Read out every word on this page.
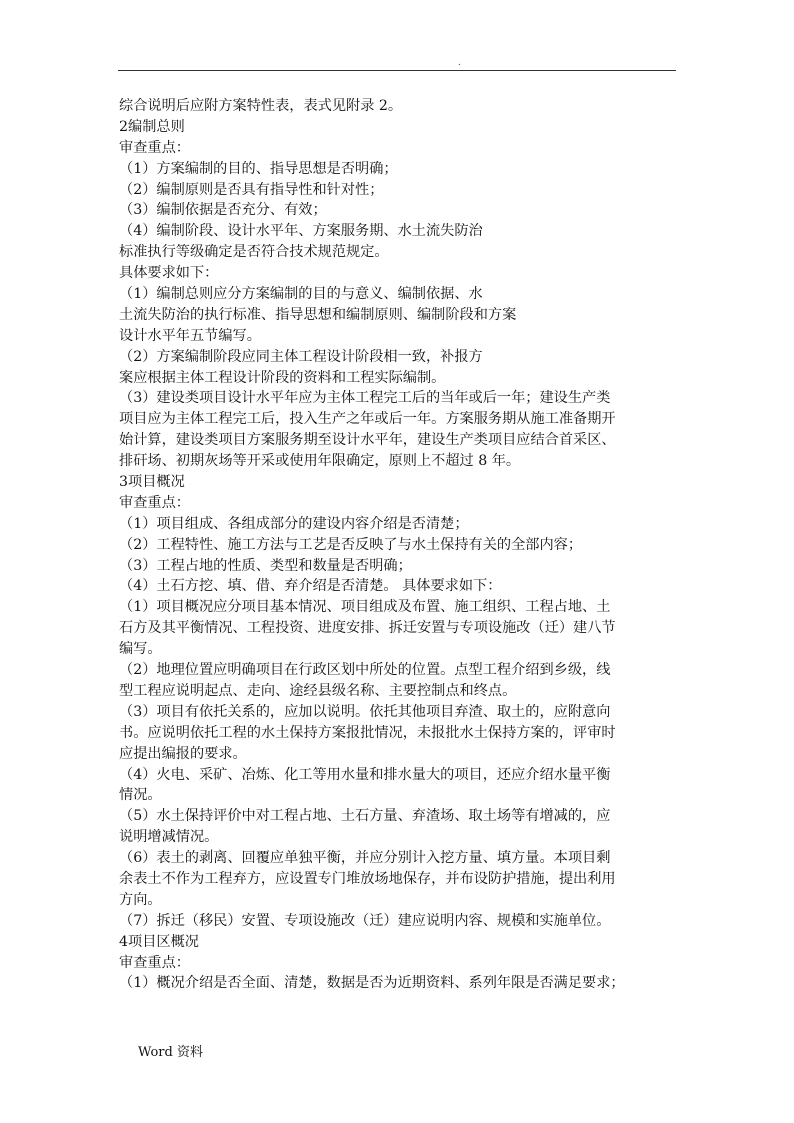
.
综合说明后应附方案特性表，表式见附录 2。
2编制总则
审查重点：
（1）方案编制的目的、指导思想是否明确；
（2）编制原则是否具有指导性和针对性；
（3）编制依据是否充分、有效；
（4）编制阶段、设计水平年、方案服务期、水土流失防治
标准执行等级确定是否符合技术规范规定。
具体要求如下：
（1）编制总则应分方案编制的目的与意义、编制依据、水
土流失防治的执行标准、指导思想和编制原则、编制阶段和方案
设计水平年五节编写。
（2）方案编制阶段应同主体工程设计阶段相一致，补报方
案应根据主体工程设计阶段的资料和工程实际编制。
（3）建设类项目设计水平年应为主体工程完工后的当年或后一年；建设生产类
项目应为主体工程完工后，投入生产之年或后一年。方案服务期从施工准备期开
始计算，建设类项目方案服务期至设计水平年，建设生产类项目应结合首采区、
排矸场、初期灰场等开采或使用年限确定，原则上不超过 8 年。
3项目概况
审查重点：
（1）项目组成、各组成部分的建设内容介绍是否清楚；
（2）工程特性、施工方法与工艺是否反映了与水土保持有关的全部内容；
（3）工程占地的性质、类型和数量是否明确；
（4）土石方挖、填、借、弃介绍是否清楚。 具体要求如下：
（1）项目概况应分项目基本情况、项目组成及布置、施工组织、工程占地、土
石方及其平衡情况、工程投资、进度安排、拆迁安置与专项设施改（迁）建八节
编写。
（2）地理位置应明确项目在行政区划中所处的位置。点型工程介绍到乡级，线
型工程应说明起点、走向、途经县级名称、主要控制点和终点。
（3）项目有依托关系的，应加以说明。依托其他项目弃渣、取土的，应附意向
书。应说明依托工程的水土保持方案报批情况，未报批水土保持方案的，评审时
应提出编报的要求。
（4）火电、采矿、冶炼、化工等用水量和排水量大的项目，还应介绍水量平衡
情况。
（5）水土保持评价中对工程占地、土石方量、弃渣场、取土场等有增减的，应
说明增减情况。
（6）表土的剥离、回覆应单独平衡，并应分别计入挖方量、填方量。本项目剩
余表土不作为工程弃方，应设置专门堆放场地保存，并布设防护措施，提出利用
方向。
（7）拆迁（移民）安置、专项设施改（迁）建应说明内容、规模和实施单位。
4项目区概况
审查重点：
（1）概况介绍是否全面、清楚，数据是否为近期资料、系列年限是否满足要求；
Word 资料
